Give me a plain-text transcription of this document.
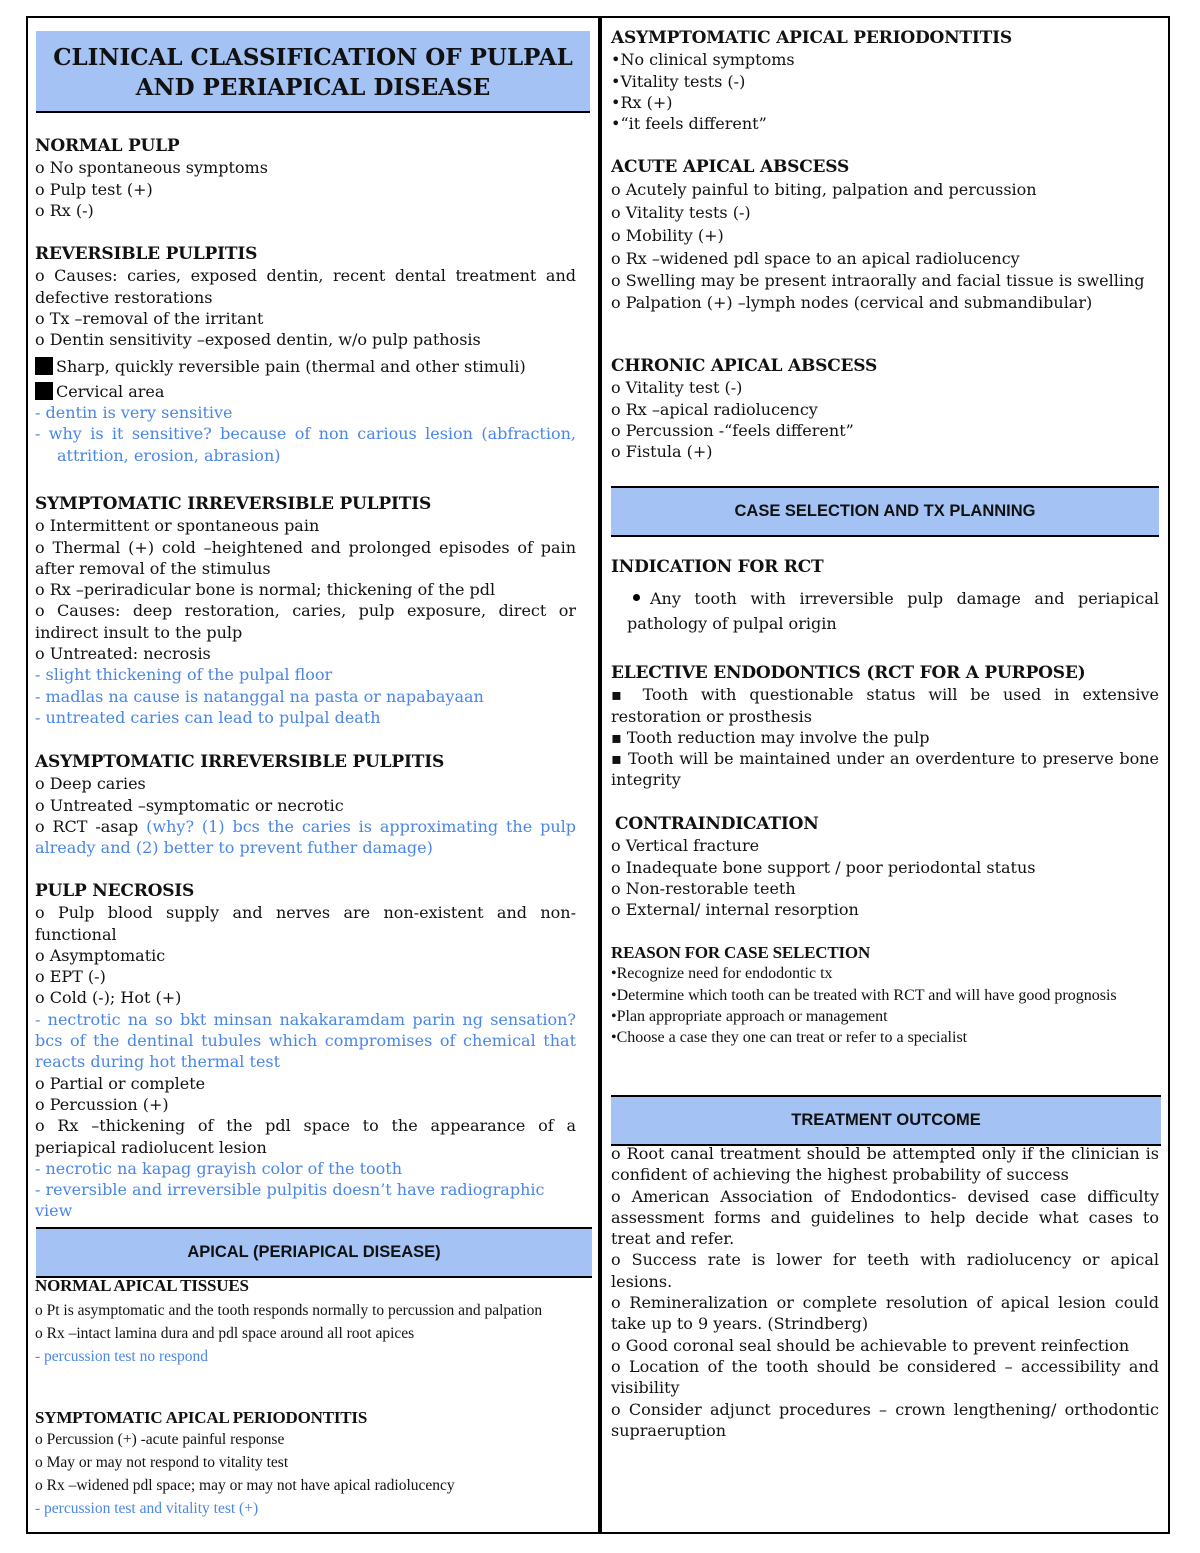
CLINICAL CLASSIFICATION OF PULPAL AND PERIAPICAL DISEASE
NORMAL PULP
o No spontaneous symptoms
o Pulp test (+)
o Rx (-)
REVERSIBLE PULPITIS
o Causes: caries, exposed dentin, recent dental treatment and defective restorations
o Tx –removal of the irritant
o Dentin sensitivity –exposed dentin, w/o pulp pathosis
Sharp, quickly reversible pain (thermal and other stimuli)
Cervical area
- dentin is very sensitive
- why is it sensitive? because of non carious lesion (abfraction, attrition, erosion, abrasion)
SYMPTOMATIC IRREVERSIBLE PULPITIS
o Intermittent or spontaneous pain
o Thermal (+) cold –heightened and prolonged episodes of pain after removal of the stimulus
o Rx –periradicular bone is normal; thickening of the pdl
o Causes: deep restoration, caries, pulp exposure, direct or indirect insult to the pulp
o Untreated: necrosis
- slight thickening of the pulpal floor
- madlas na cause is natanggal na pasta or napabayaan
- untreated caries can lead to pulpal death
ASYMPTOMATIC IRREVERSIBLE PULPITIS
o Deep caries
o Untreated –symptomatic or necrotic
o RCT -asap (why? (1) bcs the caries is approximating the pulp already and (2) better to prevent futher damage)
PULP NECROSIS
o Pulp blood supply and nerves are non-existent and non-functional
o Asymptomatic
o EPT (-)
o Cold (-); Hot (+)
- nectrotic na so bkt minsan nakakaramdam parin ng sensation? bcs of the dentinal tubules which compromises of chemical that reacts during hot thermal test
o Partial or complete
o Percussion (+)
o Rx –thickening of the pdl space to the appearance of a periapical radiolucent lesion
- necrotic na kapag grayish color of the tooth
- reversible and irreversible pulpitis doesn’t have radiographic view
APICAL (PERIAPICAL DISEASE)
NORMAL APICAL TISSUES
o Pt is asymptomatic and the tooth responds normally to percussion and palpation
o Rx –intact lamina dura and pdl space around all root apices
- percussion test no respond
SYMPTOMATIC APICAL PERIODONTITIS
o Percussion (+) -acute painful response
o May or may not respond to vitality test
o Rx –widened pdl space; may or may not have apical radiolucency
- percussion test and vitality test (+)
ASYMPTOMATIC APICAL PERIODONTITIS
•No clinical symptoms
•Vitality tests (-)
•Rx (+)
•“it feels different”
ACUTE APICAL ABSCESS
o Acutely painful to biting, palpation and percussion
o Vitality tests (-)
o Mobility (+)
o Rx –widened pdl space to an apical radiolucency
o Swelling may be present intraorally and facial tissue is swelling
o Palpation (+) –lymph nodes (cervical and submandibular)
CHRONIC APICAL ABSCESS
o Vitality test (-)
o Rx –apical radiolucency
o Percussion -“feels different”
o Fistula (+)
CASE SELECTION AND TX PLANNING
INDICATION FOR RCT
Any tooth with irreversible pulp damage and periapical pathology of pulpal origin
ELECTIVE ENDODONTICS (RCT FOR A PURPOSE)
▪ Tooth with questionable status will be used in extensive restoration or prosthesis
▪ Tooth reduction may involve the pulp
▪ Tooth will be maintained under an overdenture to preserve bone integrity
CONTRAINDICATION
o Vertical fracture
o Inadequate bone support / poor periodontal status
o Non-restorable teeth
o External/ internal resorption
REASON FOR CASE SELECTION
•Recognize need for endodontic tx
•Determine which tooth can be treated with RCT and will have good prognosis
•Plan appropriate approach or management
•Choose a case they one can treat or refer to a specialist
TREATMENT OUTCOME
o Root canal treatment should be attempted only if the clinician is confident of achieving the highest probability of success
o American Association of Endodontics- devised case difficulty assessment forms and guidelines to help decide what cases to treat and refer.
o Success rate is lower for teeth with radiolucency or apical lesions.
o Remineralization or complete resolution of apical lesion could take up to 9 years. (Strindberg)
o Good coronal seal should be achievable to prevent reinfection
o Location of the tooth should be considered – accessibility and visibility
o Consider adjunct procedures – crown lengthening/ orthodontic supraeruption
